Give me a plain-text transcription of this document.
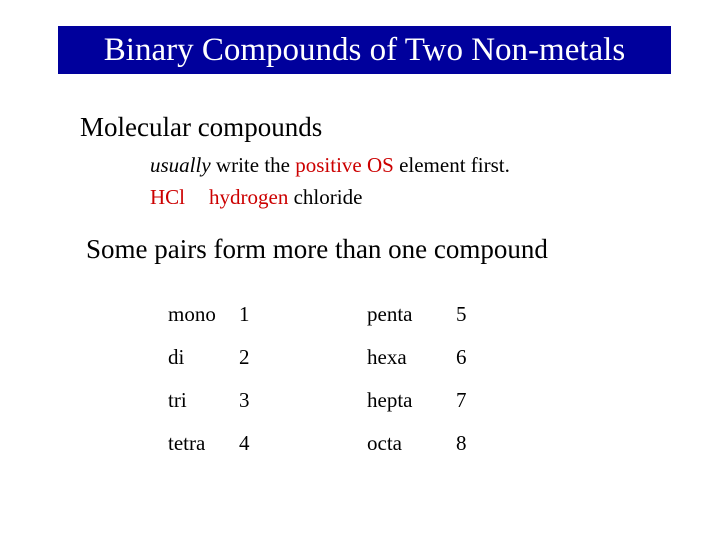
Binary Compounds of Two Non-metals
Molecular compounds
usually write the positive OS element first.
HCl hydrogen chloride
Some pairs form more than one compound
mono 1
di	2
tri 3
tetra 4
penta 5
hexa 6
hepta 7
octa	8
